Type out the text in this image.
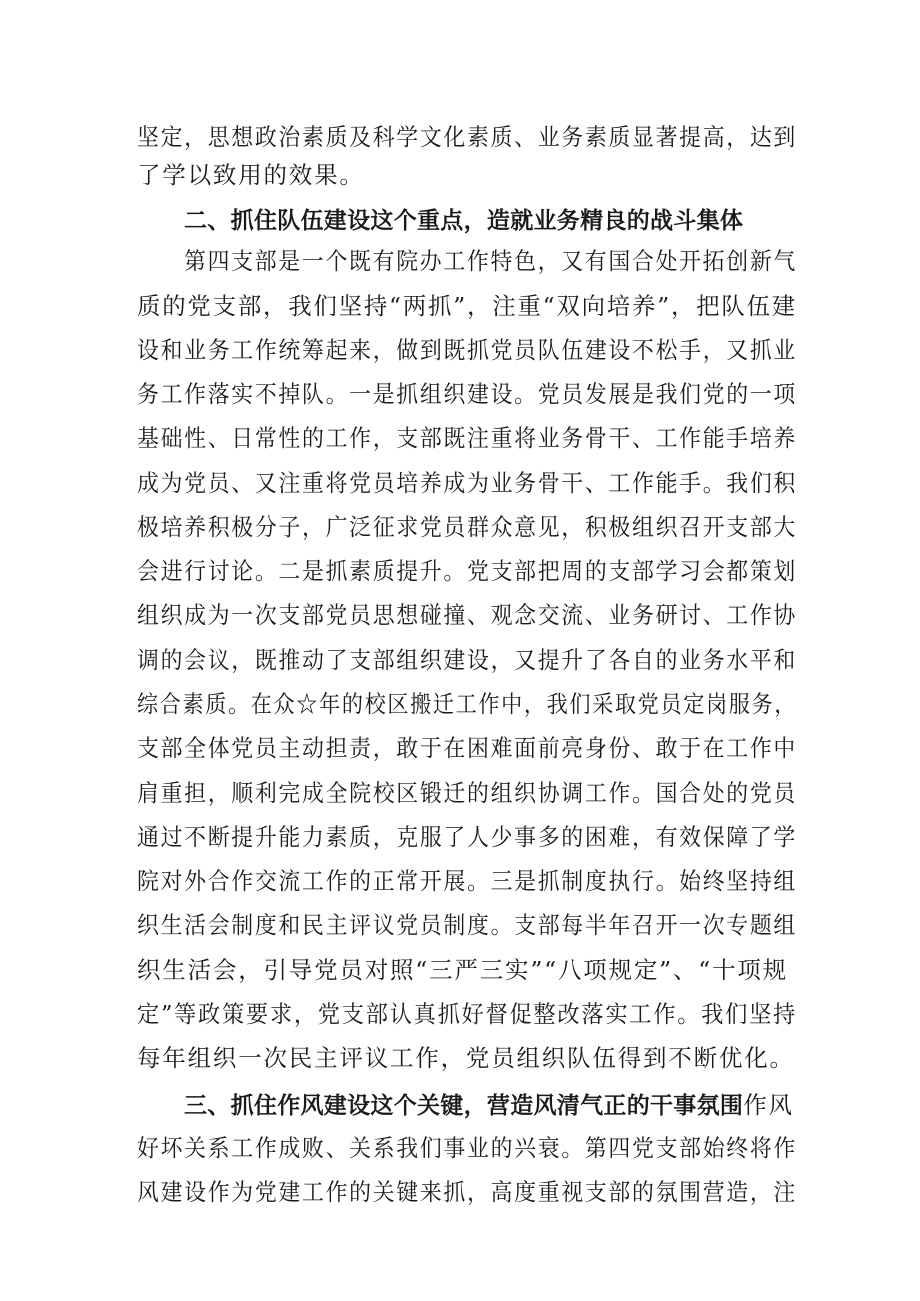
坚定，思想政治素质及科学文化素质、业务素质显著提高，达到
了学以致用的效果。
二、抓住队伍建设这个重点，造就业务精良的战斗集体
第四支部是一个既有院办工作特色，又有国合处开拓创新气
质的党支部，我们坚持“两抓”，注重“双向培养”，把队伍建
设和业务工作统筹起来，做到既抓党员队伍建设不松手，又抓业
务工作落实不掉队。一是抓组织建设。党员发展是我们党的一项
基础性、日常性的工作，支部既注重将业务骨干、工作能手培养
成为党员、又注重将党员培养成为业务骨干、工作能手。我们积
极培养积极分子，广泛征求党员群众意见，积极组织召开支部大
会进行讨论。二是抓素质提升。党支部把周的支部学习会都策划
组织成为一次支部党员思想碰撞、观念交流、业务研讨、工作协
调的会议，既推动了支部组织建设，又提升了各自的业务水平和
综合素质。在众☆年的校区搬迁工作中，我们采取党员定岗服务，
支部全体党员主动担责，敢于在困难面前亮身份、敢于在工作中
肩重担，顺利完成全院校区锻迁的组织协调工作。国合处的党员
通过不断提升能力素质，克服了人少事多的困难，有效保障了学
院对外合作交流工作的正常开展。三是抓制度执行。始终坚持组
织生活会制度和民主评议党员制度。支部每半年召开一次专题组
织生活会，引导党员对照“三严三实”“八项规定”、“十项规
定”等政策要求，党支部认真抓好督促整改落实工作。我们坚持
每年组织一次民主评议工作，党员组织队伍得到不断优化。
三、抓住作风建设这个关键，营造风清气正的干事氛围作风
好坏关系工作成败、关系我们事业的兴衰。第四党支部始终将作
风建设作为党建工作的关键来抓，高度重视支部的氛围营造，注
